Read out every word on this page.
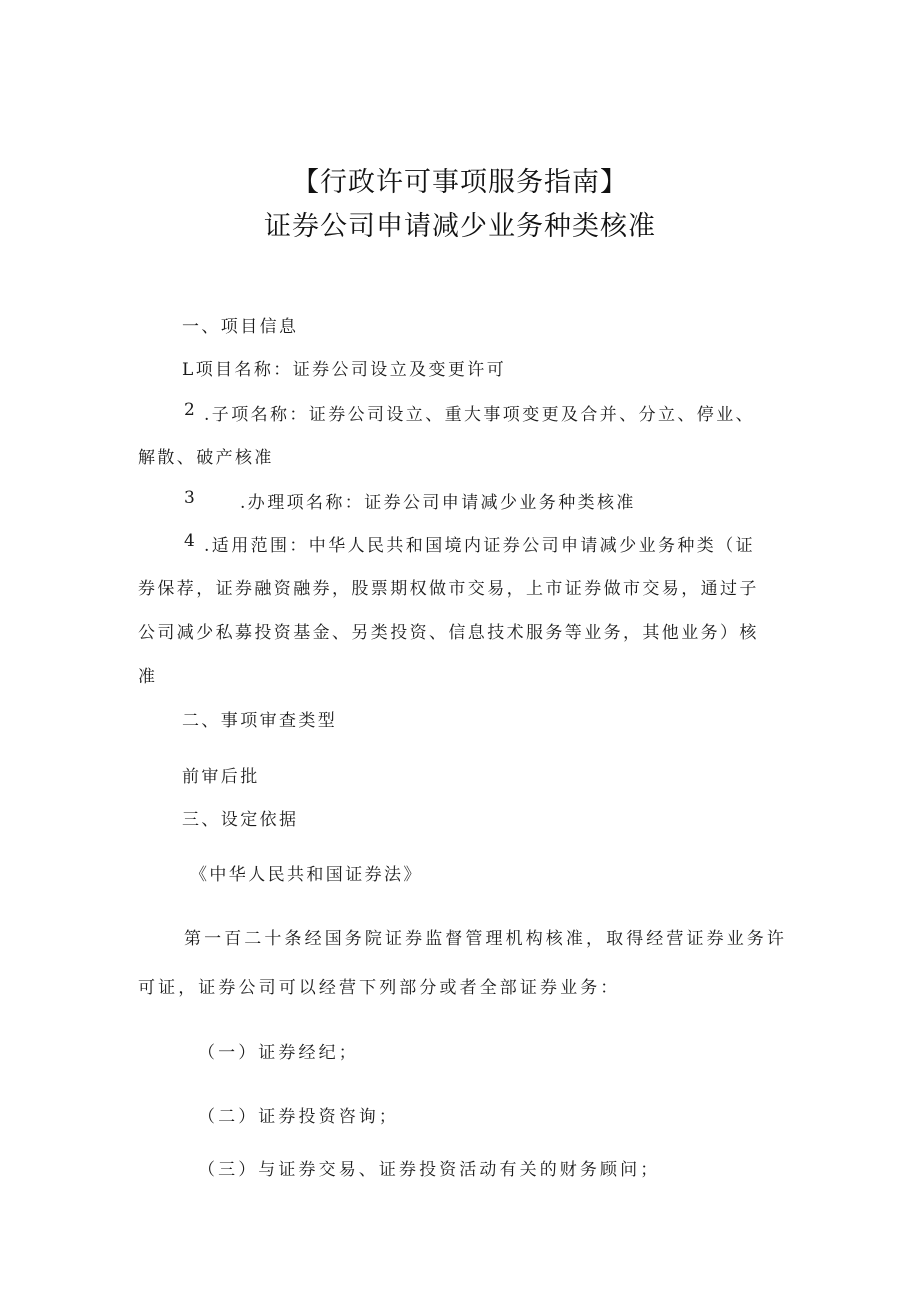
【行政许可事项服务指南】
证券公司申请减少业务种类核准
一、项目信息
L项目名称：证券公司设立及变更许可
2 .子项名称：证券公司设立、重大事项变更及合并、分立、停业、
解散、破产核准
3	.办理项名称：证券公司申请减少业务种类核准
4 .适用范围：中华人民共和国境内证券公司申请减少业务种类（证
券保荐，证券融资融券，股票期权做市交易，上市证券做市交易，通过子
公司减少私募投资基金、另类投资、信息技术服务等业务，其他业务）核
准
二、事项审查类型
前审后批
三、设定依据
《中华人民共和国证券法》
第一百二十条经国务院证券监督管理机构核准，取得经营证券业务许
可证，证券公司可以经营下列部分或者全部证券业务：
（一）证券经纪；
（二）证券投资咨询；
（三）与证券交易、证券投资活动有关的财务顾问；
